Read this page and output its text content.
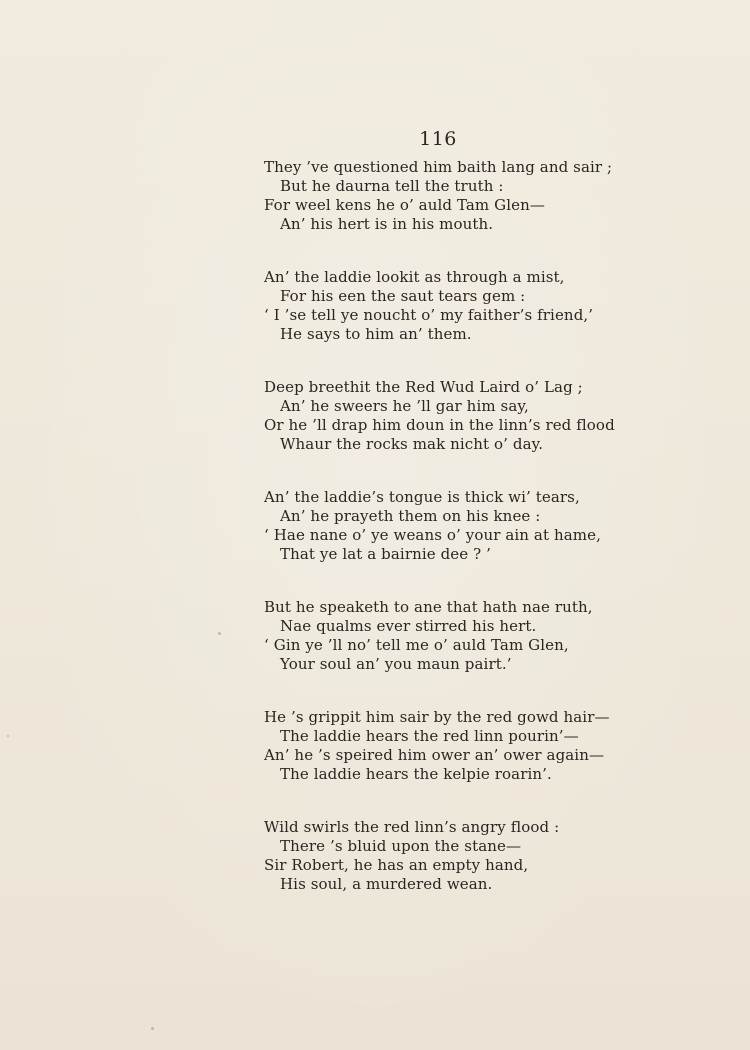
116
They ’ve questioned him baith lang and sair ;
But he daurna tell the truth :
For weel kens he o’ auld Tam Glen—
An’ his hert is in his mouth.
An’ the laddie lookit as through a mist,
For his een the saut tears gem :
‘ I ’se tell ye noucht o’ my faither’s friend,’
He says to him an’ them.
Deep breethit the Red Wud Laird o’ Lag ;
An’ he sweers he ’ll gar him say,
Or he ’ll drap him doun in the linn’s red flood
Whaur the rocks mak nicht o’ day.
An’ the laddie’s tongue is thick wi’ tears,
An’ he prayeth them on his knee :
‘ Hae nane o’ ye weans o’ your ain at hame,
That ye lat a bairnie dee ? ’
But he speaketh to ane that hath nae ruth,
Nae qualms ever stirred his hert.
‘ Gin ye ’ll no’ tell me o’ auld Tam Glen,
Your soul an’ you maun pairt.’
He ’s grippit him sair by the red gowd hair—
The laddie hears the red linn pourin’—
An’ he ’s speired him ower an’ ower again—
The laddie hears the kelpie roarin’.
Wild swirls the red linn’s angry flood :
There ’s bluid upon the stane—
Sir Robert, he has an empty hand,
His soul, a murdered wean.
